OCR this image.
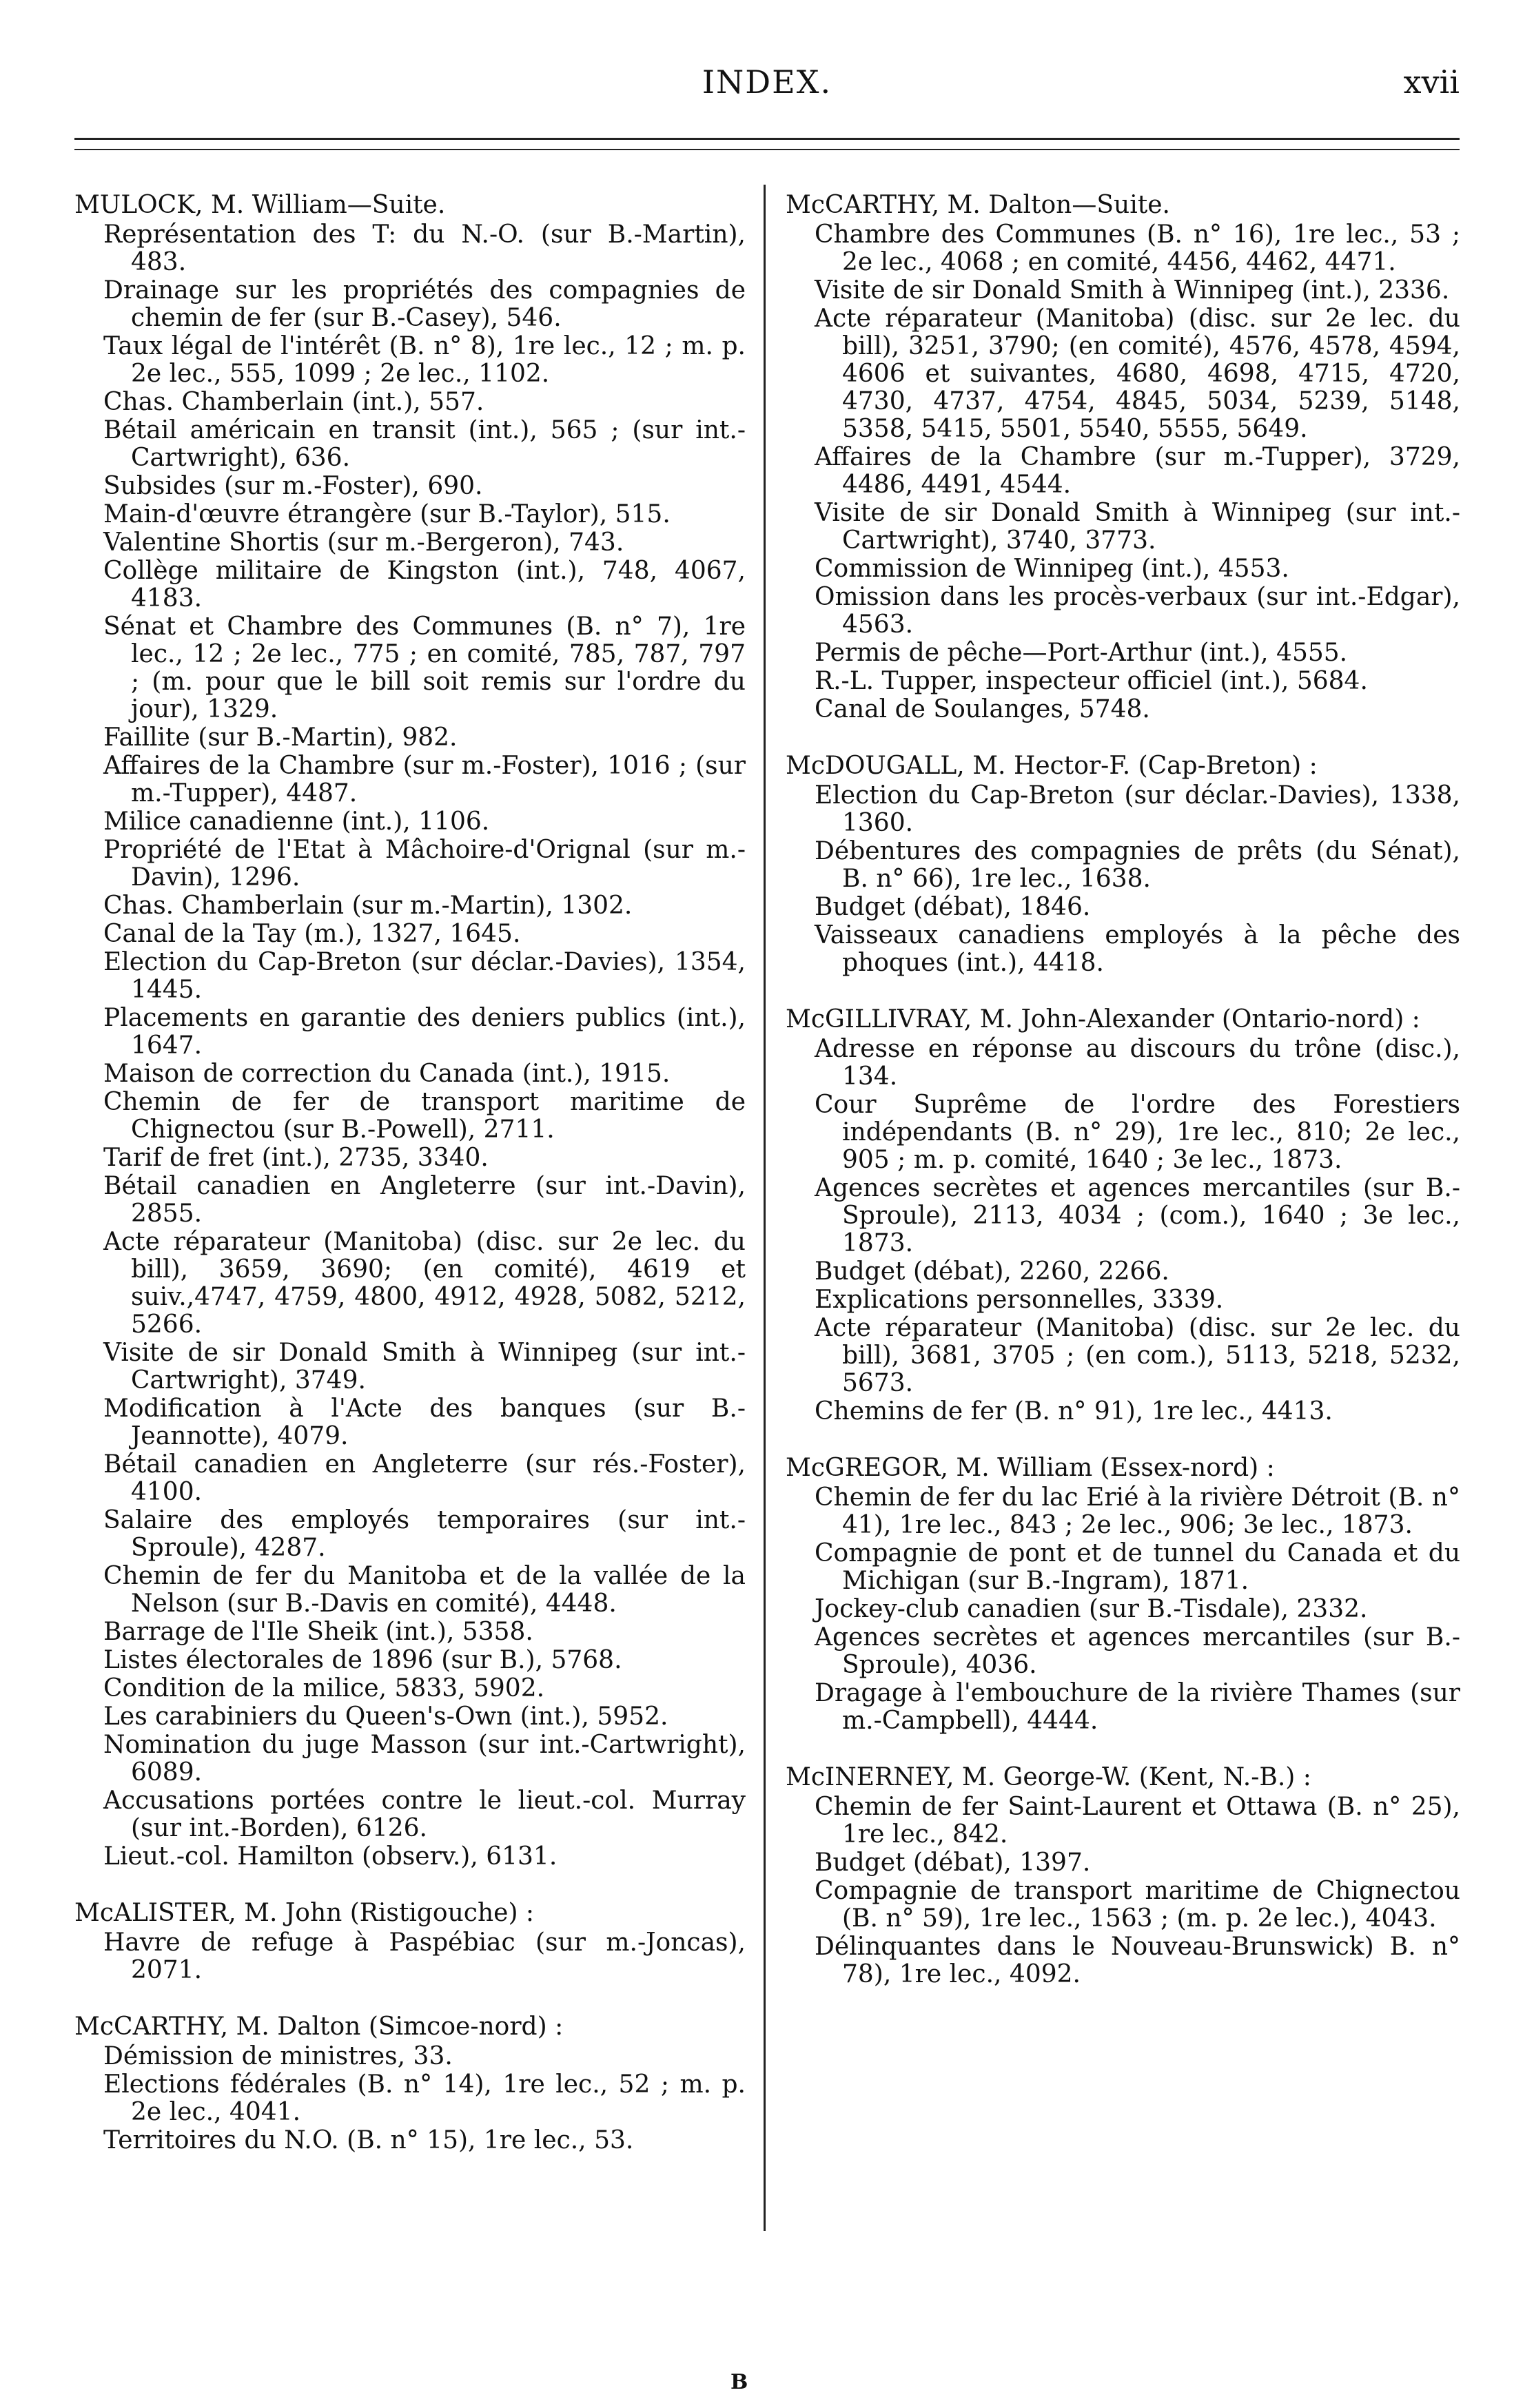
INDEX.	xvii
MULOCK, M. William—Suite.
Représentation des T: du N.-O. (sur B.-Martin), 483.
Drainage sur les propriétés des compagnies de chemin de fer (sur B.-Casey), 546.
Taux légal de l'intérêt (B. n° 8), 1re lec., 12 ; m. p. 2e lec., 555, 1099 ; 2e lec., 1102.
Chas. Chamberlain (int.), 557.
Bétail américain en transit (int.), 565 ; (sur int.-Cartwright), 636.
Subsides (sur m.-Foster), 690.
Main-d'œuvre étrangère (sur B.-Taylor), 515.
Valentine Shortis (sur m.-Bergeron), 743.
Collège militaire de Kingston (int.), 748, 4067, 4183.
Sénat et Chambre des Communes (B. n° 7), 1re lec., 12 ; 2e lec., 775 ; en comité, 785, 787, 797 ; (m. pour que le bill soit remis sur l'ordre du jour), 1329.
Faillite (sur B.-Martin), 982.
Affaires de la Chambre (sur m.-Foster), 1016 ; (sur m.-Tupper), 4487.
Milice canadienne (int.), 1106.
Propriété de l'Etat à Mâchoire-d'Orignal (sur m.-Davin), 1296.
Chas. Chamberlain (sur m.-Martin), 1302.
Canal de la Tay (m.), 1327, 1645.
Election du Cap-Breton (sur déclar.-Davies), 1354, 1445.
Placements en garantie des deniers publics (int.), 1647.
Maison de correction du Canada (int.), 1915.
Chemin de fer de transport maritime de Chignectou (sur B.-Powell), 2711.
Tarif de fret (int.), 2735, 3340.
Bétail canadien en Angleterre (sur int.-Davin), 2855.
Acte réparateur (Manitoba) (disc. sur 2e lec. du bill), 3659, 3690; (en comité), 4619 et suiv.,4747, 4759, 4800, 4912, 4928, 5082, 5212, 5266.
Visite de sir Donald Smith à Winnipeg (sur int.-Cartwright), 3749.
Modification à l'Acte des banques (sur B.-Jeannotte), 4079.
Bétail canadien en Angleterre (sur rés.-Foster), 4100.
Salaire des employés temporaires (sur int.-Sproule), 4287.
Chemin de fer du Manitoba et de la vallée de la Nelson (sur B.-Davis en comité), 4448.
Barrage de l'Ile Sheik (int.), 5358.
Listes électorales de 1896 (sur B.), 5768.
Condition de la milice, 5833, 5902.
Les carabiniers du Queen's-Own (int.), 5952.
Nomination du juge Masson (sur int.-Cartwright), 6089.
Accusations portées contre le lieut.-col. Murray (sur int.-Borden), 6126.
Lieut.-col. Hamilton (observ.), 6131.
McALISTER, M. John (Ristigouche) :
Havre de refuge à Paspébiac (sur m.-Joncas), 2071.
McCARTHY, M. Dalton (Simcoe-nord) :
Démission de ministres, 33.
Elections fédérales (B. n° 14), 1re lec., 52 ; m. p. 2e lec., 4041.
Territoires du N.O. (B. n° 15), 1re lec., 53.
McCARTHY, M. Dalton—Suite.
Chambre des Communes (B. n° 16), 1re lec., 53 ; 2e lec., 4068 ; en comité, 4456, 4462, 4471.
Visite de sir Donald Smith à Winnipeg (int.), 2336.
Acte réparateur (Manitoba) (disc. sur 2e lec. du bill), 3251, 3790; (en comité), 4576, 4578, 4594, 4606 et suivantes, 4680, 4698, 4715, 4720, 4730, 4737, 4754, 4845, 5034, 5239, 5148, 5358, 5415, 5501, 5540, 5555, 5649.
Affaires de la Chambre (sur m.-Tupper), 3729, 4486, 4491, 4544.
Visite de sir Donald Smith à Winnipeg (sur int.-Cartwright), 3740, 3773.
Commission de Winnipeg (int.), 4553.
Omission dans les procès-verbaux (sur int.-Edgar), 4563.
Permis de pêche—Port-Arthur (int.), 4555.
R.-L. Tupper, inspecteur officiel (int.), 5684.
Canal de Soulanges, 5748.
McDOUGALL, M. Hector-F. (Cap-Breton) :
Election du Cap-Breton (sur déclar.-Davies), 1338, 1360.
Débentures des compagnies de prêts (du Sénat), B. n° 66), 1re lec., 1638.
Budget (débat), 1846.
Vaisseaux canadiens employés à la pêche des phoques (int.), 4418.
McGILLIVRAY, M. John-Alexander (Ontario-nord) :
Adresse en réponse au discours du trône (disc.), 134.
Cour Suprême de l'ordre des Forestiers indépendants (B. n° 29), 1re lec., 810; 2e lec., 905 ; m. p. comité, 1640 ; 3e lec., 1873.
Agences secrètes et agences mercantiles (sur B.-Sproule), 2113, 4034 ; (com.), 1640 ; 3e lec., 1873.
Budget (débat), 2260, 2266.
Explications personnelles, 3339.
Acte réparateur (Manitoba) (disc. sur 2e lec. du bill), 3681, 3705 ; (en com.), 5113, 5218, 5232, 5673.
Chemins de fer (B. n° 91), 1re lec., 4413.
McGREGOR, M. William (Essex-nord) :
Chemin de fer du lac Erié à la rivière Détroit (B. n° 41), 1re lec., 843 ; 2e lec., 906; 3e lec., 1873.
Compagnie de pont et de tunnel du Canada et du Michigan (sur B.-Ingram), 1871.
Jockey-club canadien (sur B.-Tisdale), 2332.
Agences secrètes et agences mercantiles (sur B.-Sproule), 4036.
Dragage à l'embouchure de la rivière Thames (sur m.-Campbell), 4444.
McINERNEY, M. George-W. (Kent, N.-B.) :
Chemin de fer Saint-Laurent et Ottawa (B. n° 25), 1re lec., 842.
Budget (débat), 1397.
Compagnie de transport maritime de Chignectou (B. n° 59), 1re lec., 1563 ; (m. p. 2e lec.), 4043.
Délinquantes dans le Nouveau-Brunswick) B. n° 78), 1re lec., 4092.
B
